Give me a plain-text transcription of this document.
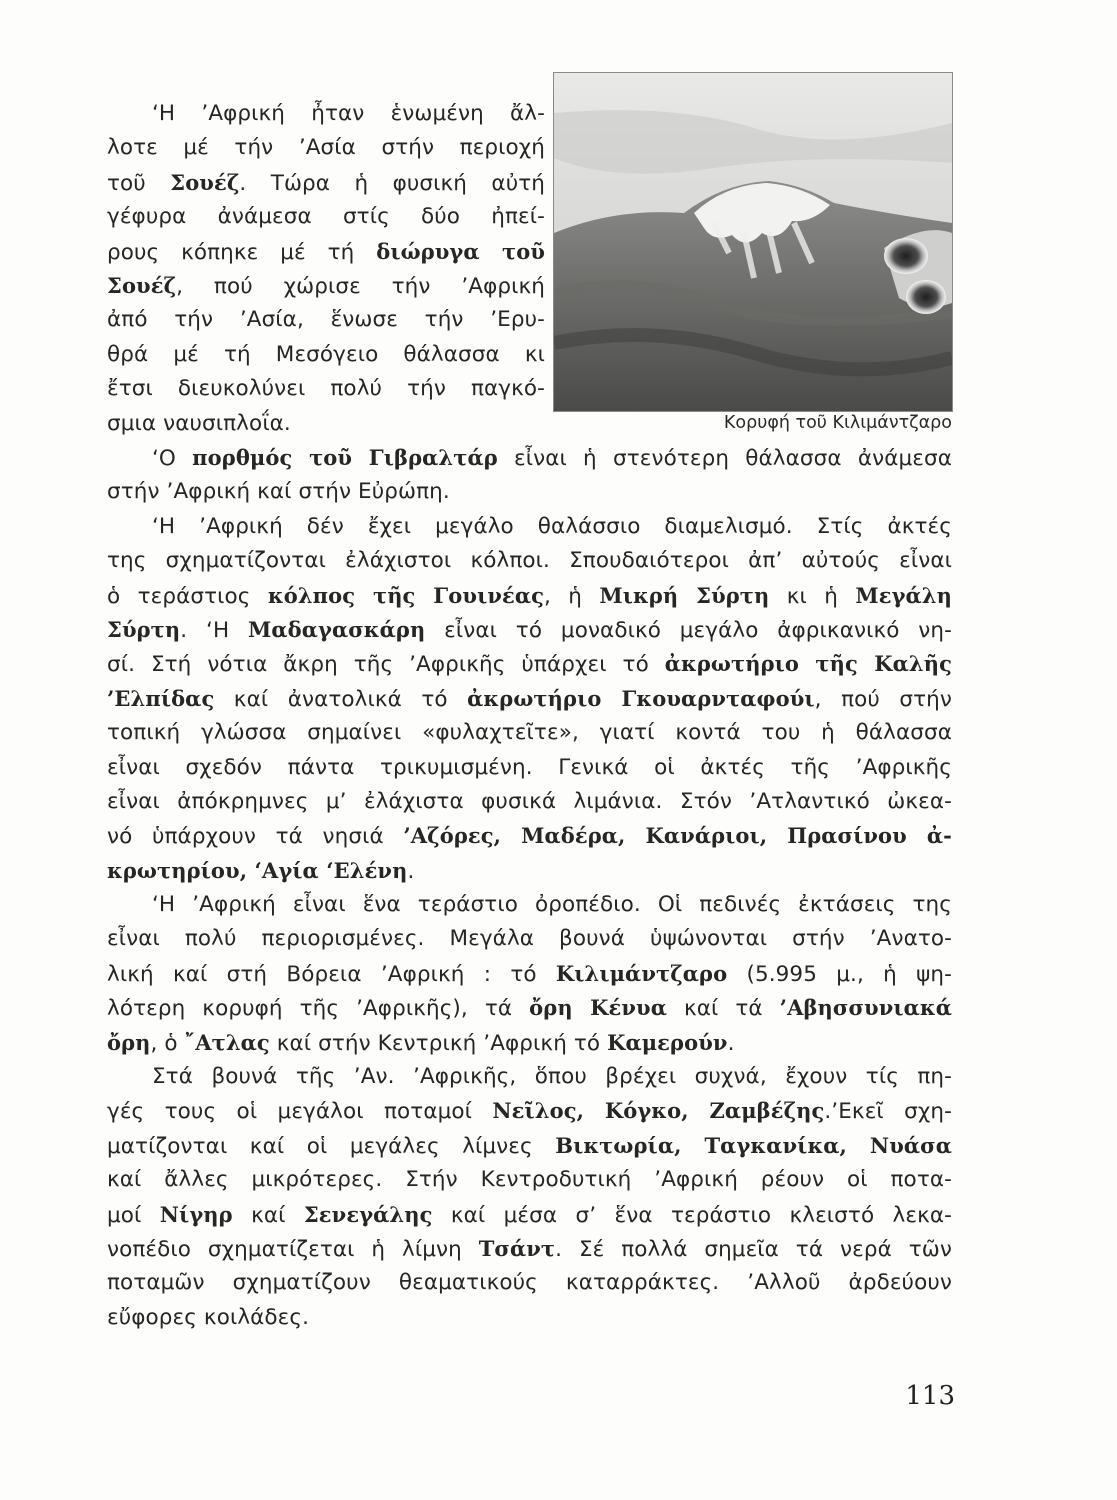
‘Η ’Αφρική ἦταν ἑνωμένη ἄλ-
λοτε μέ τήν ’Ασία στήν περιοχή
τοῦ Σουέζ. Τώρα ἡ φυσική αὐτή
γέφυρα ἀνάμεσα στίς δύο ἠπεί-
ρους κόπηκε μέ τή διώρυγα τοῦ
Σουέζ, πού χώρισε τήν ’Αφρική
ἀπό τήν ’Ασία, ἕνωσε τήν ’Ερυ-
θρά μέ τή Μεσόγειο θάλασσα κι
ἔτσι διευκολύνει πολύ τήν παγκό-
σμια ναυσιπλοΐα.	Κορυφή τοῦ Κιλιμάντζαρο
‘Ο πορθμός τοῦ Γιβραλτάρ εἶναι ἡ στενότερη θάλασσα ἀνάμεσα
στήν ’Αφρική καί στήν Εὐρώπη.
‘Η ’Αφρική δέν ἔχει μεγάλο θαλάσσιο διαμελισμό. Στίς ἀκτές
της σχηματίζονται ἐλάχιστοι κόλποι. Σπουδαιότεροι ἀπ’ αὐτούς εἶναι
ὁ τεράστιος κόλπος τῆς Γουινέας, ἡ Μικρή Σύρτη κι ἡ Μεγάλη
Σύρτη. ‘Η Μαδαγασκάρη εἶναι τό μοναδικό μεγάλο ἀφρικανικό νη-
σί. Στή νότια ἄκρη τῆς ’Αφρικῆς ὑπάρχει τό ἀκρωτήριο τῆς Καλῆς
’Ελπίδας καί ἀνατολικά τό ἀκρωτήριο Γκουαρνταφούι, πού στήν
τοπική γλώσσα σημαίνει «φυλαχτεῖτε», γιατί κοντά του ἡ θάλασσα
εἶναι σχεδόν πάντα τρικυμισμένη. Γενικά οἱ ἀκτές τῆς ’Αφρικῆς
εἶναι ἀπόκρημνες μ’ ἐλάχιστα φυσικά λιμάνια. Στόν ’Ατλαντικό ὠκεα-
νό ὑπάρχουν τά νησιά ’Αζόρες, Μαδέρα, Κανάριοι, Πρασίνου ἀ-
κρωτηρίου, ‘Αγία ‘Ελένη.
‘Η ’Αφρική εἶναι ἕνα τεράστιο ὀροπέδιο. Οἱ πεδινές ἐκτάσεις της
εἶναι πολύ περιορισμένες. Μεγάλα βουνά ὑψώνονται στήν ’Ανατο-
λική καί στή Βόρεια ’Αφρική : τό Κιλιμάντζαρο (5.995 μ., ἡ ψη-
λότερη κορυφή τῆς ’Αφρικῆς), τά ὄρη Κένυα καί τά ’Αβησσυνιακά
ὄρη, ὁ ῎Ατλας καί στήν Κεντρική ’Αφρική τό Καμερούν.
Στά βουνά τῆς ’Αν. ’Αφρικῆς, ὅπου βρέχει συχνά, ἔχουν τίς πη-
γές τους οἱ μεγάλοι ποταμοί Νεῖλος, Κόγκο, Ζαμβέζης.’Εκεῖ σχη-
ματίζονται καί οἱ μεγάλες λίμνες Βικτωρία, Ταγκανίκα, Νυάσα
καί ἄλλες μικρότερες. Στήν Κεντροδυτική ’Αφρική ρέουν οἱ ποτα-
μοί Νίγηρ καί Σενεγάλης καί μέσα σ’ ἕνα τεράστιο κλειστό λεκα-
νοπέδιο σχηματίζεται ἡ λίμνη Τσάντ. Σέ πολλά σημεῖα τά νερά τῶν
ποταμῶν σχηματίζουν θεαματικούς καταρράκτες. ’Αλλοῦ ἀρδεύουν
εὔφορες κοιλάδες.
113
